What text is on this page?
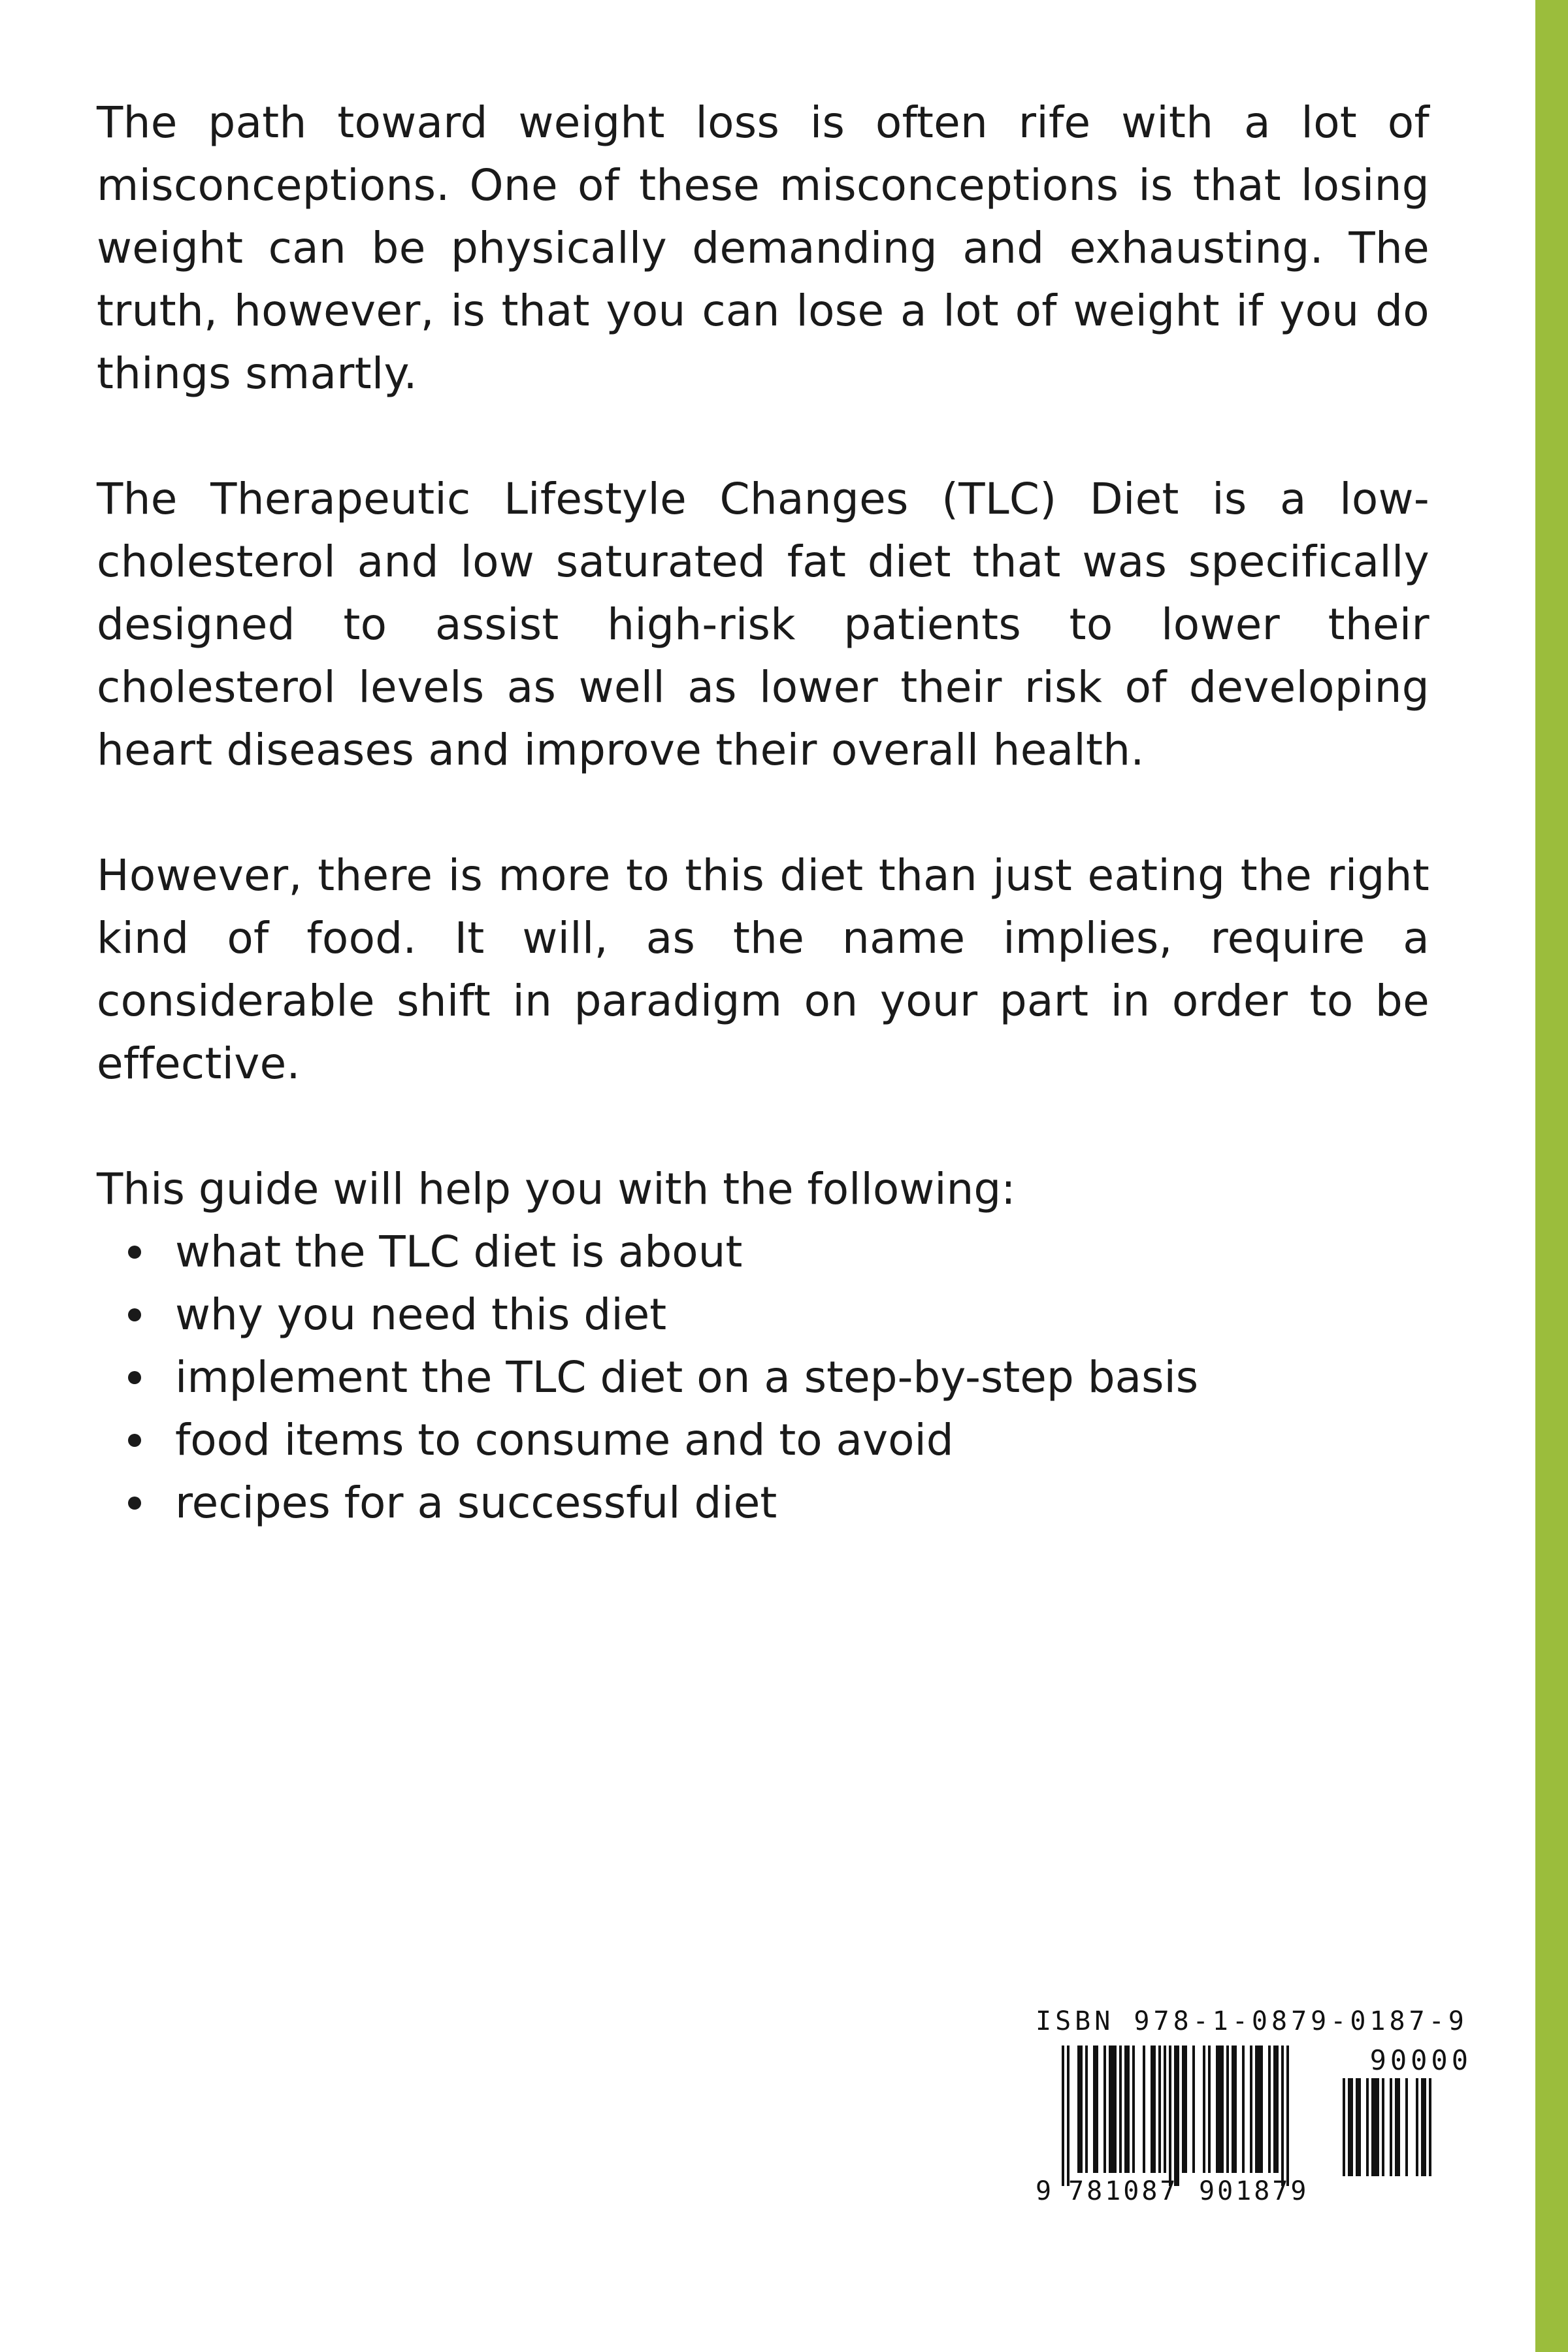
The path toward weight loss is often rife with a lot of misconceptions. One of these misconceptions is that losing weight can be physically demanding and exhausting. The truth, however, is that you can lose a lot of weight if you do things smartly.

The Therapeutic Lifestyle Changes (TLC) Diet is a low-cholesterol and low saturated fat diet that was specifically designed to assist high-risk patients to lower their cholesterol levels as well as lower their risk of developing heart diseases and improve their overall health.

However, there is more to this diet than just eating the right kind of food. It will, as the name implies, require a considerable shift in paradigm on your part in order to be effective.

This guide will help you with the following:

what the TLC diet is about
why you need this diet
implement the TLC diet on a step-by-step basis
food items to consume and to avoid
recipes for a successful diet
ISBN 978-1-0879-0187-9
90000
9 781087 901879
